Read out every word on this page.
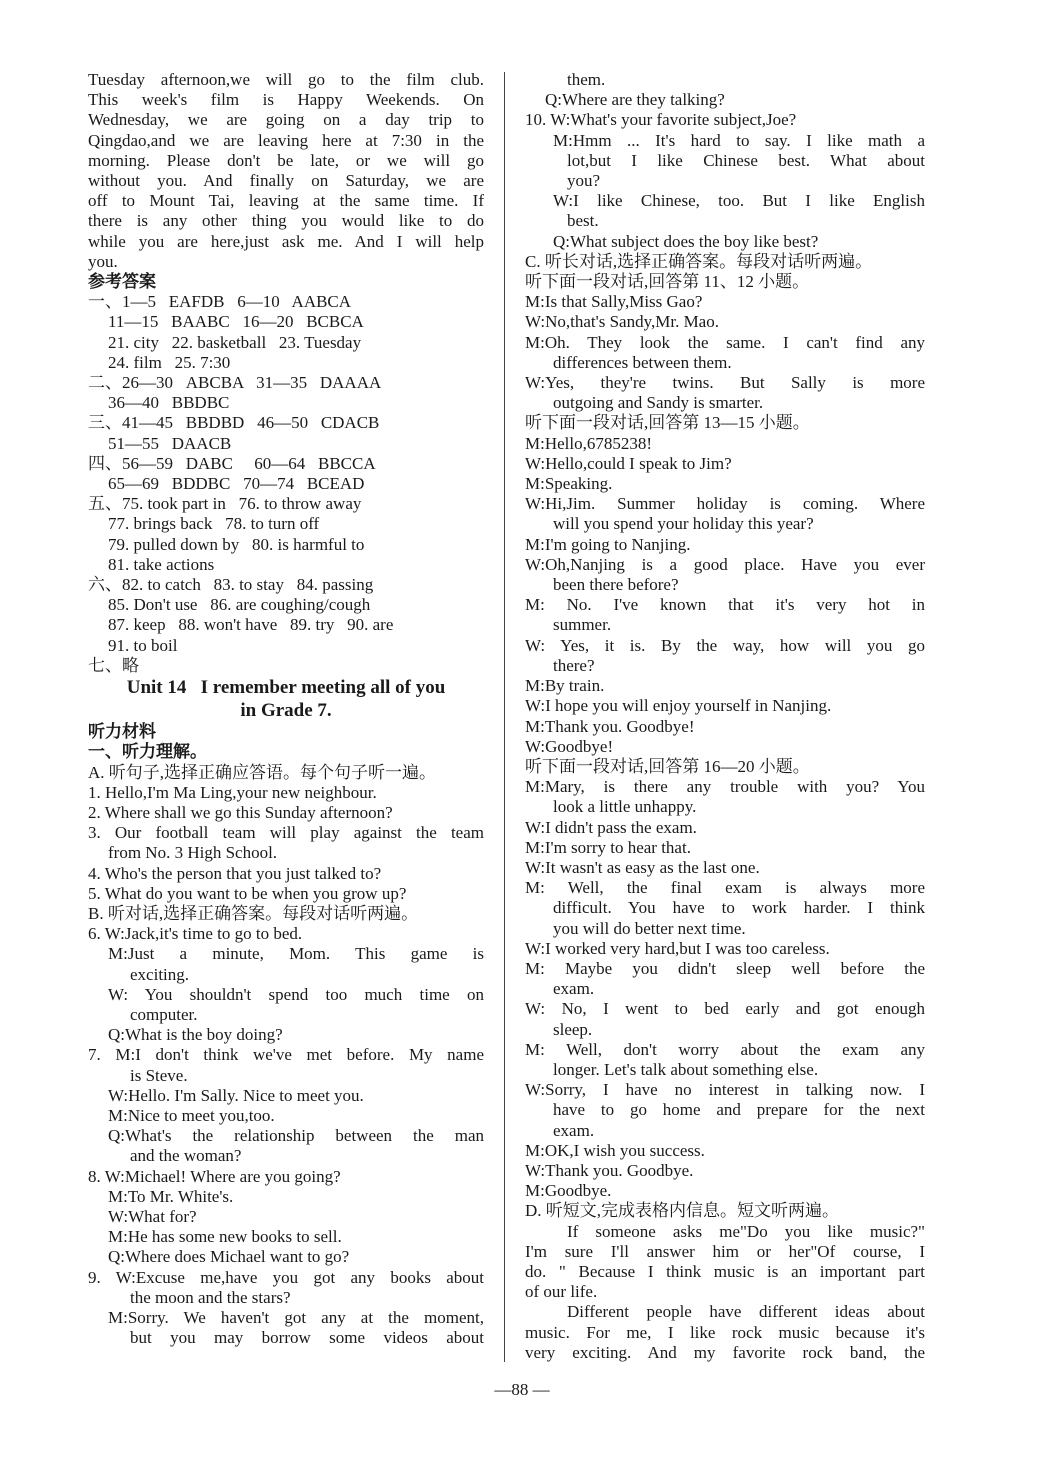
Tuesday afternoon,we will go to the film club.
This week's film is Happy Weekends. On
Wednesday, we are going on a day trip to
Qingdao,and we are leaving here at 7:30 in the
morning. Please don't be late, or we will go
without you. And finally on Saturday, we are
off to Mount Tai, leaving at the same time. If
there is any other thing you would like to do
while you are here,just ask me. And I will help
you.
参考答案
一、1—5   EAFDB   6—10   AABCA
11—15   BAABC   16—20   BCBCA
21. city   22. basketball   23. Tuesday
24. film   25. 7:30
二、26—30   ABCBA   31—35   DAAAA
36—40   BBDBC
三、41—45   BBDBD   46—50   CDACB
51—55   DAACB
四、56—59   DABC     60—64   BBCCA
65—69   BDDBC   70—74   BCEAD
五、75. took part in   76. to throw away
77. brings back   78. to turn off
79. pulled down by   80. is harmful to
81. take actions
六、82. to catch   83. to stay   84. passing
85. Don't use   86. are coughing/cough
87. keep   88. won't have   89. try   90. are
91. to boil
七、略
Unit 14   I remember meeting all of you
in Grade 7.
听力材料
一、听力理解。
A. 听句子,选择正确应答语。每个句子听一遍。
1. Hello,I'm Ma Ling,your new neighbour.
2. Where shall we go this Sunday afternoon?
3. Our football team will play against the team
from No. 3 High School.
4. Who's the person that you just talked to?
5. What do you want to be when you grow up?
B. 听对话,选择正确答案。每段对话听两遍。
6. W:Jack,it's time to go to bed.
M:Just a minute, Mom. This game is
exciting.
W: You shouldn't spend too much time on
computer.
Q:What is the boy doing?
7. M:I don't think we've met before. My name
is Steve.
W:Hello. I'm Sally. Nice to meet you.
M:Nice to meet you,too.
Q:What's the relationship between the man
and the woman?
8. W:Michael! Where are you going?
M:To Mr. White's.
W:What for?
M:He has some new books to sell.
Q:Where does Michael want to go?
9. W:Excuse me,have you got any books about
the moon and the stars?
M:Sorry. We haven't got any at the moment,
but you may borrow some videos about
them.
Q:Where are they talking?
10. W:What's your favorite subject,Joe?
M:Hmm ... It's hard to say. I like math a
lot,but I like Chinese best. What about
you?
W:I like Chinese, too. But I like English
best.
Q:What subject does the boy like best?
C. 听长对话,选择正确答案。每段对话听两遍。
听下面一段对话,回答第 11、12 小题。
M:Is that Sally,Miss Gao?
W:No,that's Sandy,Mr. Mao.
M:Oh. They look the same. I can't find any
differences between them.
W:Yes, they're twins. But Sally is more
outgoing and Sandy is smarter.
听下面一段对话,回答第 13—15 小题。
M:Hello,6785238!
W:Hello,could I speak to Jim?
M:Speaking.
W:Hi,Jim. Summer holiday is coming. Where
will you spend your holiday this year?
M:I'm going to Nanjing.
W:Oh,Nanjing is a good place. Have you ever
been there before?
M: No. I've known that it's very hot in
summer.
W: Yes, it is. By the way, how will you go
there?
M:By train.
W:I hope you will enjoy yourself in Nanjing.
M:Thank you. Goodbye!
W:Goodbye!
听下面一段对话,回答第 16—20 小题。
M:Mary, is there any trouble with you? You
look a little unhappy.
W:I didn't pass the exam.
M:I'm sorry to hear that.
W:It wasn't as easy as the last one.
M: Well, the final exam is always more
difficult. You have to work harder. I think
you will do better next time.
W:I worked very hard,but I was too careless.
M: Maybe you didn't sleep well before the
exam.
W: No, I went to bed early and got enough
sleep.
M: Well, don't worry about the exam any
longer. Let's talk about something else.
W:Sorry, I have no interest in talking now. I
have to go home and prepare for the next
exam.
M:OK,I wish you success.
W:Thank you. Goodbye.
M:Goodbye.
D. 听短文,完成表格内信息。短文听两遍。
If someone asks me"Do you like music?"
I'm sure I'll answer him or her"Of course, I
do. " Because I think music is an important part
of our life.
Different people have different ideas about
music. For me, I like rock music because it's
very exciting. And my favorite rock band, the
—88 —
